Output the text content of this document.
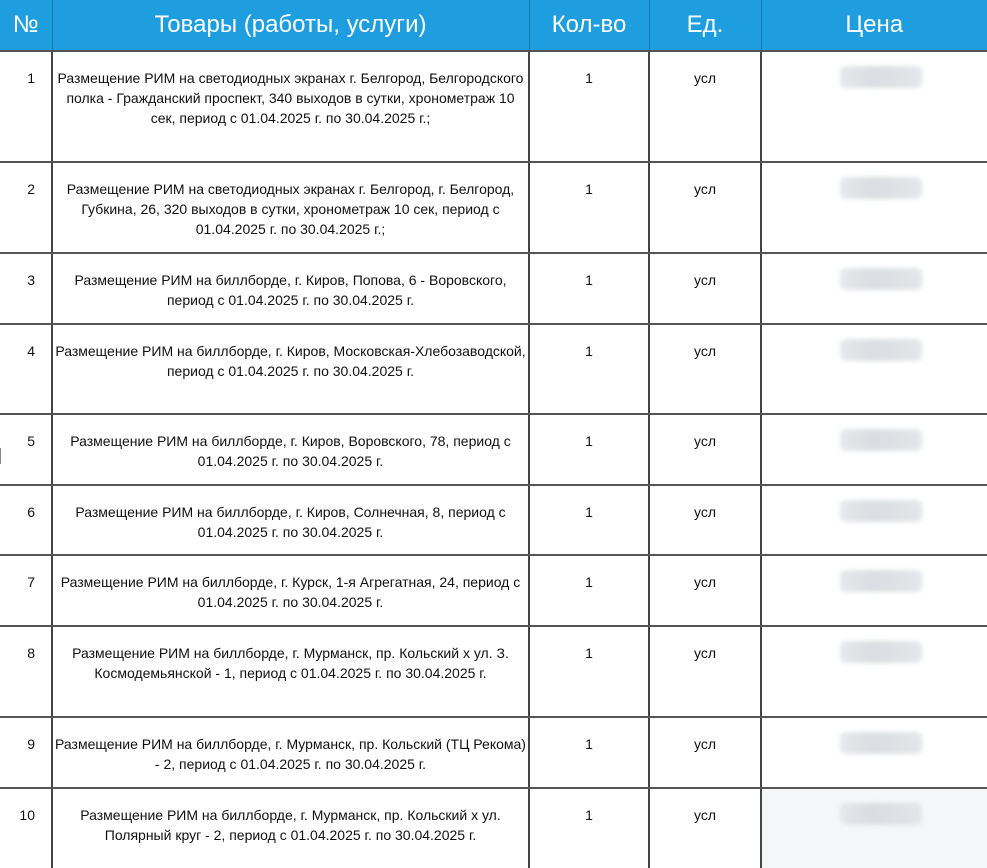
№	Товары (работы, услуги)	Кол-во	Ед.	Цена
1	Размещение РИМ на светодиодных экранах г. Белгород, Белгородского полка - Гражданский проспект, 340 выходов в сутки, хронометраж 10 сек, период с 01.04.2025 г. по 30.04.2025 г.;	1	усл	
2	Размещение РИМ на светодиодных экранах г. Белгород, г. Белгород, Губкина, 26, 320 выходов в сутки, хронометраж 10 сек, период с 01.04.2025 г. по 30.04.2025 г.;	1	усл	
3	Размещение РИМ на биллборде, г. Киров, Попова, 6 - Воровского, период с 01.04.2025 г. по 30.04.2025 г.	1	усл	
4	Размещение РИМ на биллборде, г. Киров, Московская-Хлебозаводской, период с 01.04.2025 г. по 30.04.2025 г.	1	усл	
5	Размещение РИМ на биллборде, г. Киров, Воровского, 78, период с 01.04.2025 г. по 30.04.2025 г.	1	усл	
6	Размещение РИМ на биллборде, г. Киров, Солнечная, 8, период с 01.04.2025 г. по 30.04.2025 г.	1	усл	
7	Размещение РИМ на биллборде, г. Курск, 1-я Агрегатная, 24, период с 01.04.2025 г. по 30.04.2025 г.	1	усл	
8	Размещение РИМ на биллборде, г. Мурманск, пр. Кольский х ул. З. Космодемьянской - 1, период с 01.04.2025 г. по 30.04.2025 г.	1	усл	
9	Размещение РИМ на биллборде, г. Мурманск, пр. Кольский (ТЦ Рекома) - 2, период с 01.04.2025 г. по 30.04.2025 г.	1	усл	
10	Размещение РИМ на биллборде, г. Мурманск, пр. Кольский х ул. Полярный круг - 2, период с 01.04.2025 г. по 30.04.2025 г.	1	усл	
